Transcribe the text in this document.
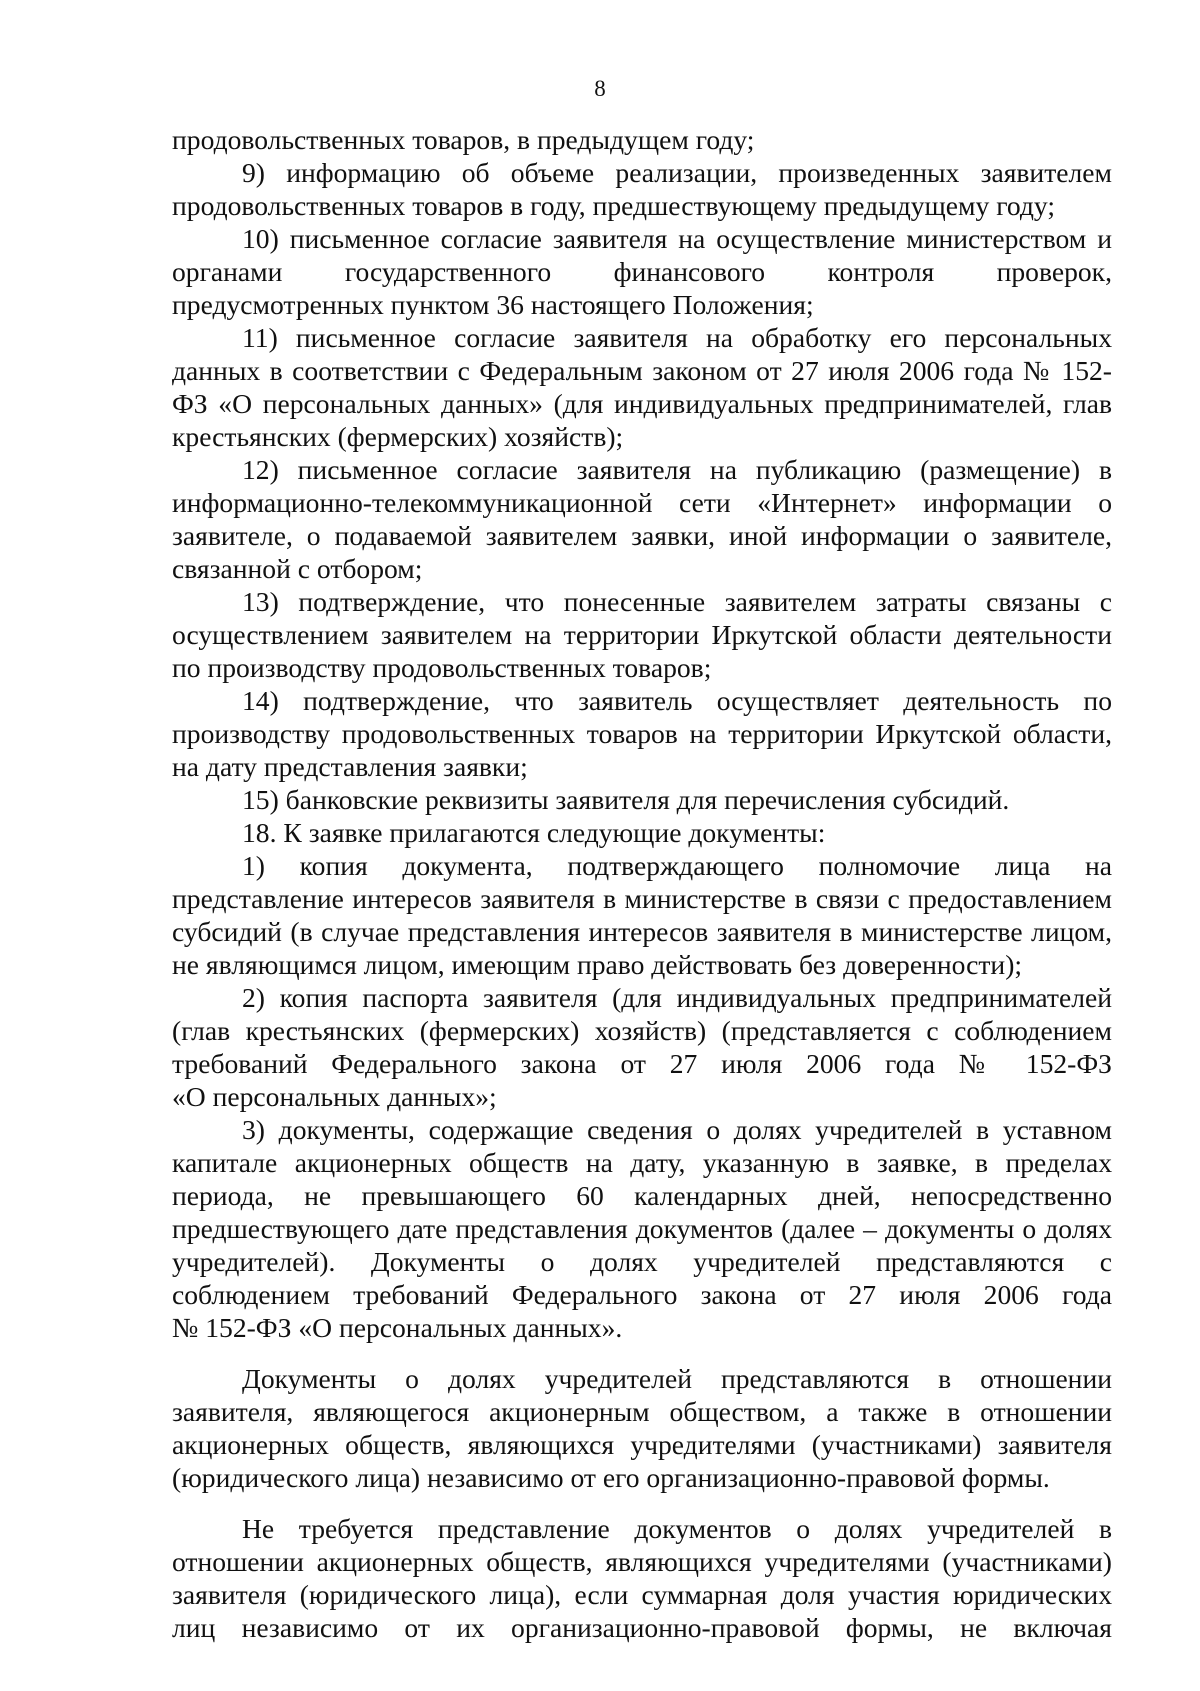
8
продовольственных товаров, в предыдущем году;
9) информацию об объеме реализации, произведенных заявителем
продовольственных товаров в году, предшествующему предыдущему году;
10) письменное согласие заявителя на осуществление министерством и
органами государственного финансового контроля проверок,
предусмотренных пунктом 36 настоящего Положения;
11) письменное согласие заявителя на обработку его персональных
данных в соответствии с Федеральным законом от 27 июля 2006 года № 152-
ФЗ «О персональных данных» (для индивидуальных предпринимателей, глав
крестьянских (фермерских) хозяйств);
12) письменное согласие заявителя на публикацию (размещение) в
информационно-телекоммуникационной сети «Интернет» информации о
заявителе, о подаваемой заявителем заявки, иной информации о заявителе,
связанной с отбором;
13) подтверждение, что понесенные заявителем затраты связаны с
осуществлением заявителем на территории Иркутской области деятельности
по производству продовольственных товаров;
14) подтверждение, что заявитель осуществляет деятельность по
производству продовольственных товаров на территории Иркутской области,
на дату представления заявки;
15) банковские реквизиты заявителя для перечисления субсидий.
18. К заявке прилагаются следующие документы:
1) копия документа, подтверждающего полномочие лица на
представление интересов заявителя в министерстве в связи с предоставлением
субсидий (в случае представления интересов заявителя в министерстве лицом,
не являющимся лицом, имеющим право действовать без доверенности);
2) копия паспорта заявителя (для индивидуальных предпринимателей
(глав крестьянских (фермерских) хозяйств) (представляется с соблюдением
требований Федерального закона от 27 июля 2006 года № 152-ФЗ
«О персональных данных»;
3) документы, содержащие сведения о долях учредителей в уставном
капитале акционерных обществ на дату, указанную в заявке, в пределах
периода, не превышающего 60 календарных дней, непосредственно
предшествующего дате представления документов (далее – документы о долях
учредителей). Документы о долях учредителей представляются с
соблюдением требований Федерального закона от 27 июля 2006 года
№ 152-ФЗ «О персональных данных».
Документы о долях учредителей представляются в отношении
заявителя, являющегося акционерным обществом, а также в отношении
акционерных обществ, являющихся учредителями (участниками) заявителя
(юридического лица) независимо от его организационно-правовой формы.
Не требуется представление документов о долях учредителей в
отношении акционерных обществ, являющихся учредителями (участниками)
заявителя (юридического лица), если суммарная доля участия юридических
лиц независимо от их организационно-правовой формы, не включая
